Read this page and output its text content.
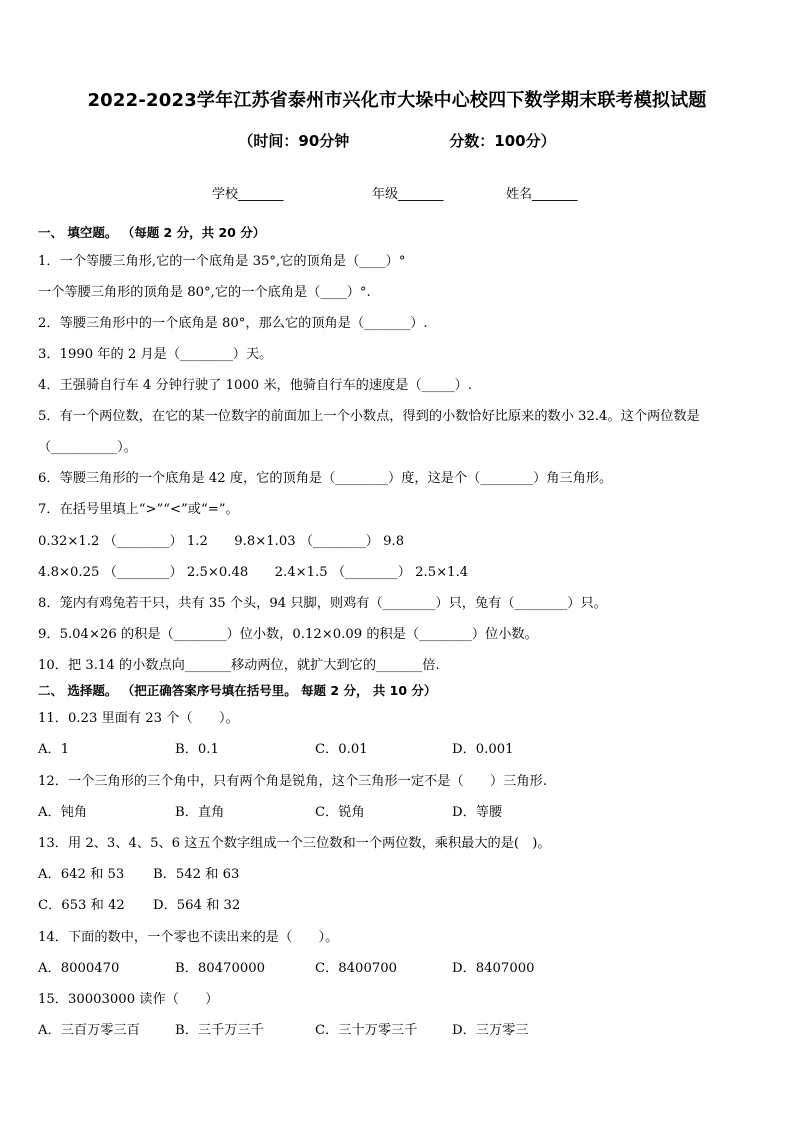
2022-2023学年江苏省泰州市兴化市大垛中心校四下数学期末联考模拟试题
（时间：90分钟	分数：100分）
学校_______	年级_______	姓名_______
一、 填空题。 （每题 2 分，共 20 分）
1．一个等腰三角形,它的一个底角是 35°,它的顶角是（____）°
一个等腰三角形的顶角是 80°,它的一个底角是（____）°.
2．等腰三角形中的一个底角是 80°，那么它的顶角是（_______）.
3．1990 年的 2 月是（________）天。
4．王强骑自行车 4 分钟行驶了 1000 米，他骑自行车的速度是（_____）.
5．有一个两位数，在它的某一位数字的前面加上一个小数点，得到的小数恰好比原来的数小 32.4。这个两位数是
（__________）。
6．等腰三角形的一个底角是 42 度，它的顶角是（________）度，这是个（________）角三角形。
7．在括号里填上“>”“<”或“=”。
0.32×1.2 （________） 1.2　　9.8×1.03 （________） 9.8
4.8×0.25 （________） 2.5×0.48　　2.4×1.5 （________） 2.5×1.4
8．笼内有鸡兔若干只，共有 35 个头，94 只脚，则鸡有（________）只，兔有（________）只。
9．5.04×26 的积是（________）位小数，0.12×0.09 的积是（________）位小数。
10．把 3.14 的小数点向_______移动两位，就扩大到它的_______倍.
二、 选择题。 （把正确答案序号填在括号里。 每题 2 分， 共 10 分）
11．0.23 里面有 23 个（　　）。
A．1	B．0.1	C．0.01	D．0.001
12．一个三角形的三个角中，只有两个角是锐角，这个三角形一定不是（　　）三角形.
A．钝角	B．直角	C．锐角	D．等腰
13．用 2、3、4、5、6 这五个数字组成一个三位数和一个两位数，乘积最大的是(　)。
A．642 和 53 B．542 和 63
C．653 和 42 D．564 和 32
14．下面的数中，一个零也不读出来的是（　　）。
A．8000470	B．80470000	C．8400700	D．8407000
15．30003000 读作（　　）
A．三百万零三百	B．三千万三千	C．三十万零三千	D．三万零三
